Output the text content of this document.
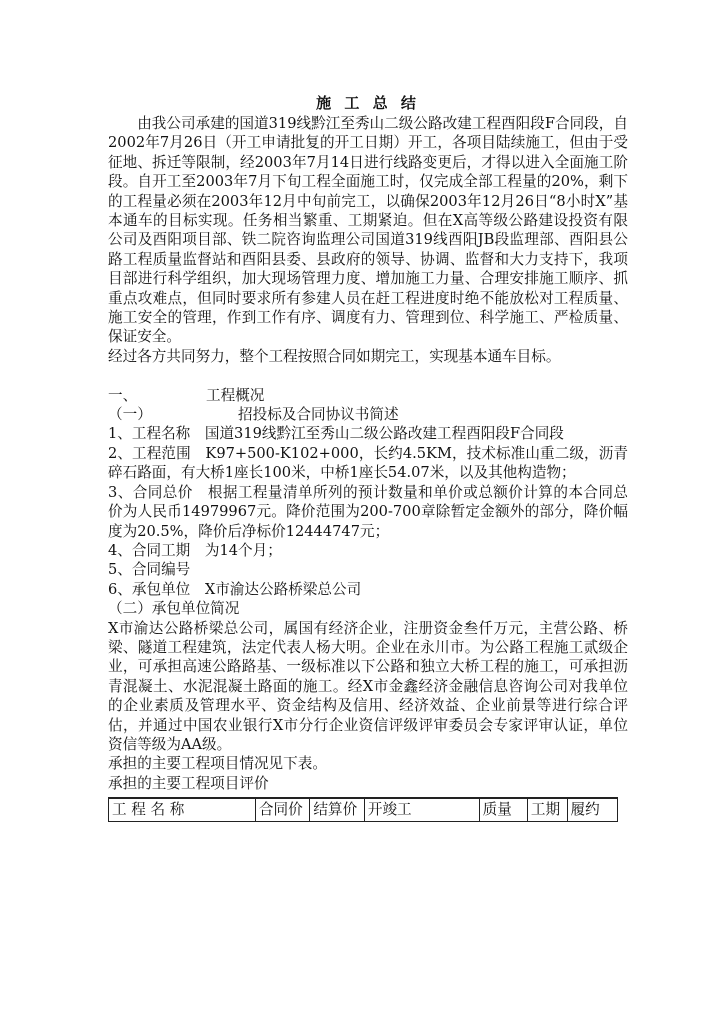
施 工 总 结

由我公司承建的国道319线黔江至秀山二级公路改建工程酉阳段F合同段，自2002年7月26日（开工申请批复的开工日期）开工，各项目陆续施工，但由于受征地、拆迁等限制，经2003年7月14日进行线路变更后，才得以进入全面施工阶段。自开工至2003年7月下旬工程全面施工时，仅完成全部工程量的20%，剩下的工程量必须在2003年12月中旬前完工，以确保2003年12月26日“8小时X”基本通车的目标实现。任务相当繁重、工期紧迫。但在X高等级公路建设投资有限公司及酉阳项目部、铁二院咨询监理公司国道319线酉阳JB段监理部、酉阳县公路工程质量监督站和酉阳县委、县政府的领导、协调、监督和大力支持下，我项目部进行科学组织，加大现场管理力度、增加施工力量、合理安排施工顺序、抓重点攻难点，但同时要求所有参建人员在赶工程进度时绝不能放松对工程质量、施工安全的管理，作到工作有序、调度有力、管理到位、科学施工、严检质量、保证安全。

经过各方共同努力，整个工程按照合同如期完工，实现基本通车目标。

一、	工程概况
（一）	招投标及合同协议书简述

1、工程名称　国道319线黔江至秀山二级公路改建工程酉阳段F合同段

2、工程范围　K97+500-K102+000，长约4.5KM，技术标准山重二级，沥青碎石路面，有大桥1座长100米，中桥1座长54.07米，以及其他构造物；

3、合同总价　根据工程量清单所列的预计数量和单价或总额价计算的本合同总价为人民币14979967元。降价范围为200-700章除暂定金额外的部分，降价幅度为20.5%，降价后净标价12444747元；

4、合同工期　为14个月；

5、合同编号

6、承包单位　X市渝达公路桥梁总公司

（二）承包单位简况

X市渝达公路桥梁总公司，属国有经济企业，注册资金叁仟万元，主营公路、桥梁、隧道工程建筑，法定代表人杨大明。企业在永川市。为公路工程施工贰级企业，可承担高速公路路基、一级标准以下公路和独立大桥工程的施工，可承担沥青混凝土、水泥混凝土路面的施工。经X市金鑫经济金融信息咨询公司对我单位的企业素质及管理水平、资金结构及信用、经济效益、企业前景等进行综合评估，并通过中国农业银行X市分行企业资信评级评审委员会专家评审认证，单位资信等级为AA级。

承担的主要工程项目情况见下表。

承担的主要工程项目评价

工 程 名 称	合同价	结算价	开竣工	质量	工期	履约
